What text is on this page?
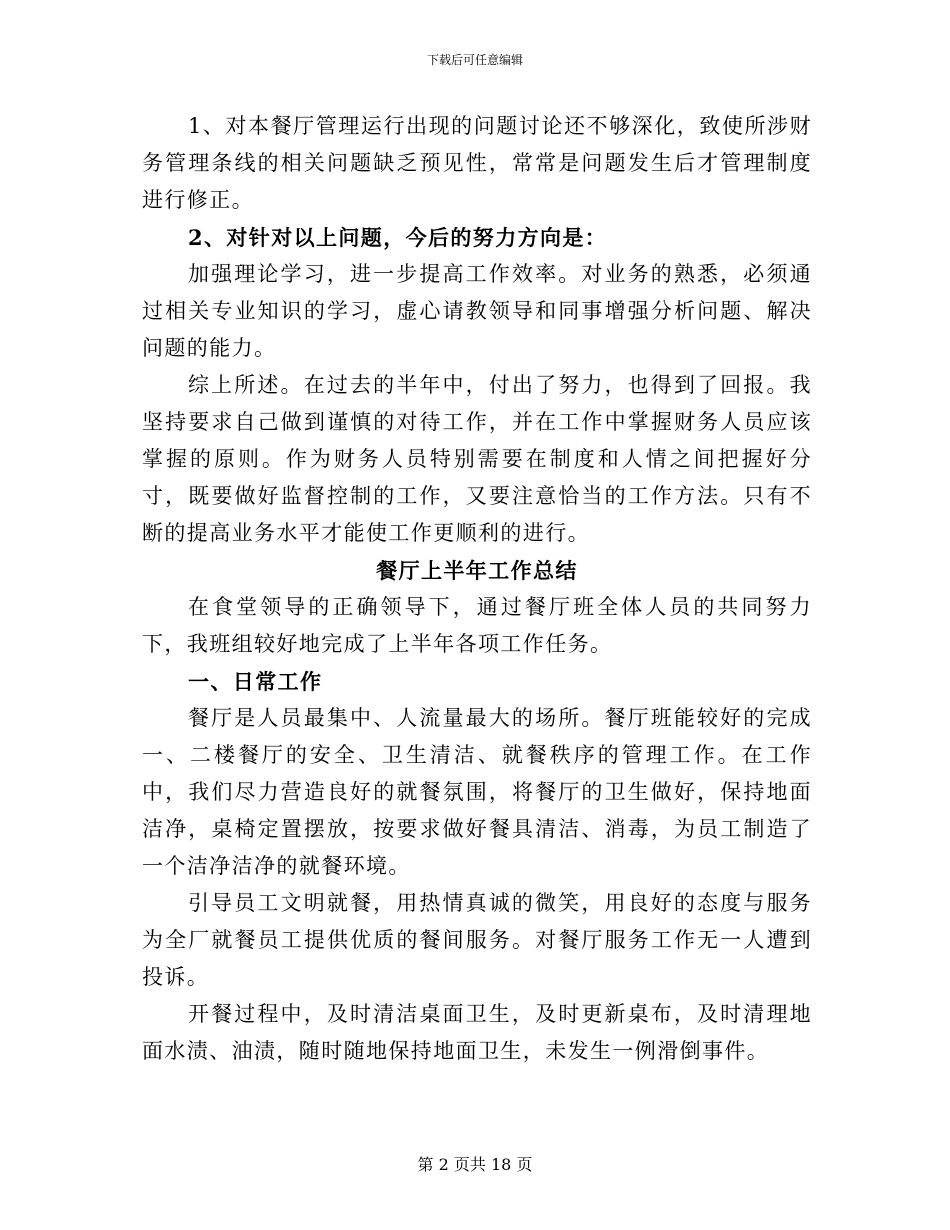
下载后可任意编辑

1、对本餐厅管理运行出现的问题讨论还不够深化，致使所涉财务管理条线的相关问题缺乏预见性，常常是问题发生后才管理制度进行修正。

2、对针对以上问题，今后的努力方向是：

加强理论学习，进一步提高工作效率。对业务的熟悉，必须通过相关专业知识的学习，虚心请教领导和同事增强分析问题、解决问题的能力。

综上所述。在过去的半年中，付出了努力，也得到了回报。我坚持要求自己做到谨慎的对待工作，并在工作中掌握财务人员应该掌握的原则。作为财务人员特别需要在制度和人情之间把握好分寸，既要做好监督控制的工作，又要注意恰当的工作方法。只有不断的提高业务水平才能使工作更顺利的进行。

餐厅上半年工作总结

在食堂领导的正确领导下，通过餐厅班全体人员的共同努力下，我班组较好地完成了上半年各项工作任务。

一、日常工作

餐厅是人员最集中、人流量最大的场所。餐厅班能较好的完成一、二楼餐厅的安全、卫生清洁、就餐秩序的管理工作。在工作中，我们尽力营造良好的就餐氛围，将餐厅的卫生做好，保持地面洁净，桌椅定置摆放，按要求做好餐具清洁、消毒，为员工制造了一个洁净洁净的就餐环境。

引导员工文明就餐，用热情真诚的微笑，用良好的态度与服务为全厂就餐员工提供优质的餐间服务。对餐厅服务工作无一人遭到投诉。

开餐过程中，及时清洁桌面卫生，及时更新桌布，及时清理地面水渍、油渍，随时随地保持地面卫生，未发生一例滑倒事件。

第 2 页共 18 页
